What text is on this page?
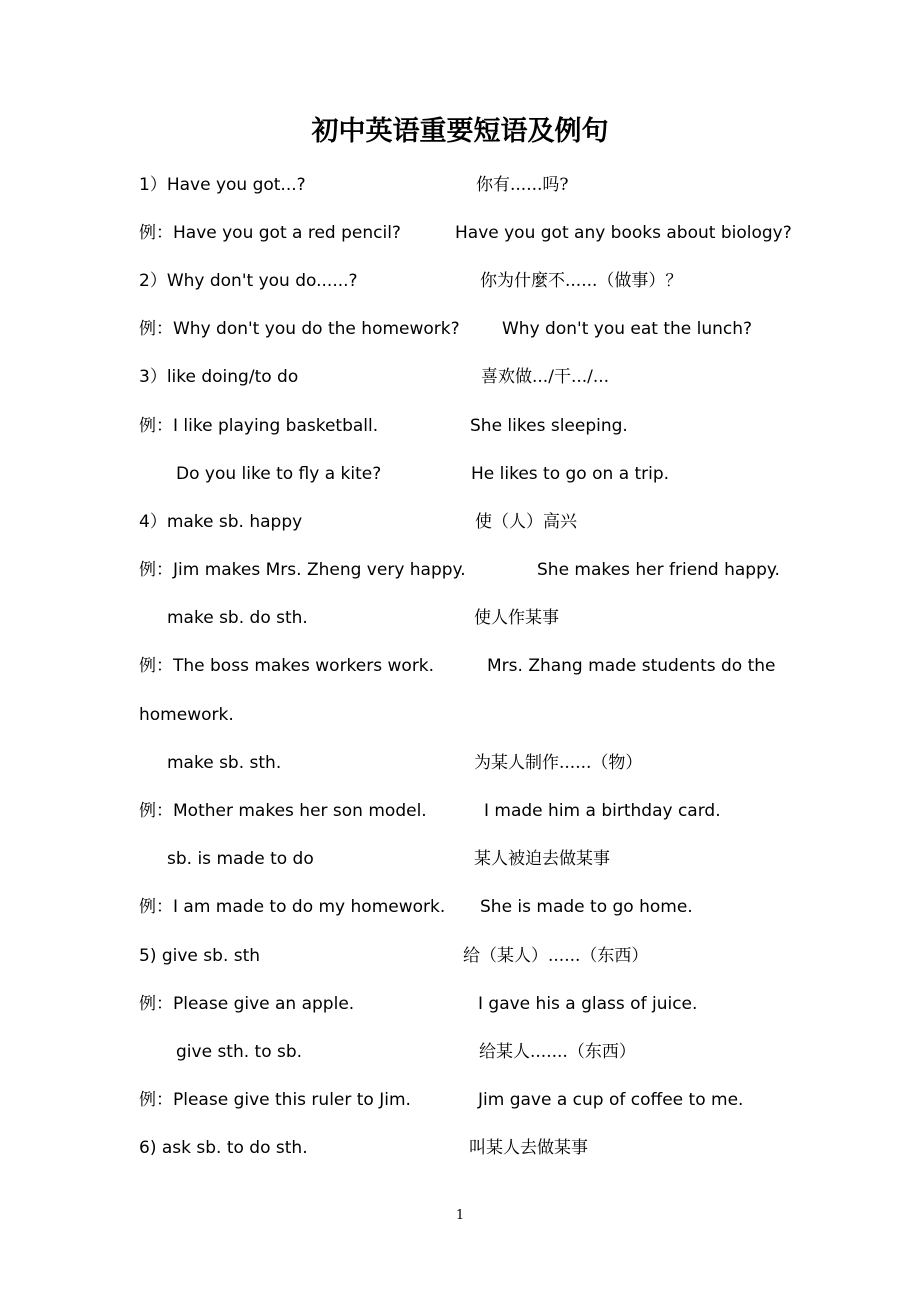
初中英语重要短语及例句
1）Have you got...?	你有......吗?
例：Have you got a red pencil?	Have you got any books about biology?
2）Why don't you do......?	你为什麼不......（做事）？
例：Why don't you do the homework? Why don't you eat the lunch?
3）like doing/to do	喜欢做.../干.../...
例：I like playing basketball.	She likes sleeping.
Do you like to fly a kite?	He likes to go on a trip.
4）make sb. happy	使（人）高兴
例：Jim makes Mrs. Zheng very happy.	She makes her friend happy.
make sb. do sth.	使人作某事
例：The boss makes workers work.	Mrs. Zhang made students do the
homework.
make sb. sth.	为某人制作......（物）
例：Mother makes her son model.	I made him a birthday card.
sb. is made to do	某人被迫去做某事
例：I am made to do my homework. She is made to go home.
5) give sb. sth	给（某人）......（东西）
例：Please give an apple.	I gave his a glass of juice.
give sth. to sb.	给某人.......（东西）
例：Please give this ruler to Jim.	Jim gave a cup of coffee to me.
6) ask sb. to do sth.	叫某人去做某事
1
